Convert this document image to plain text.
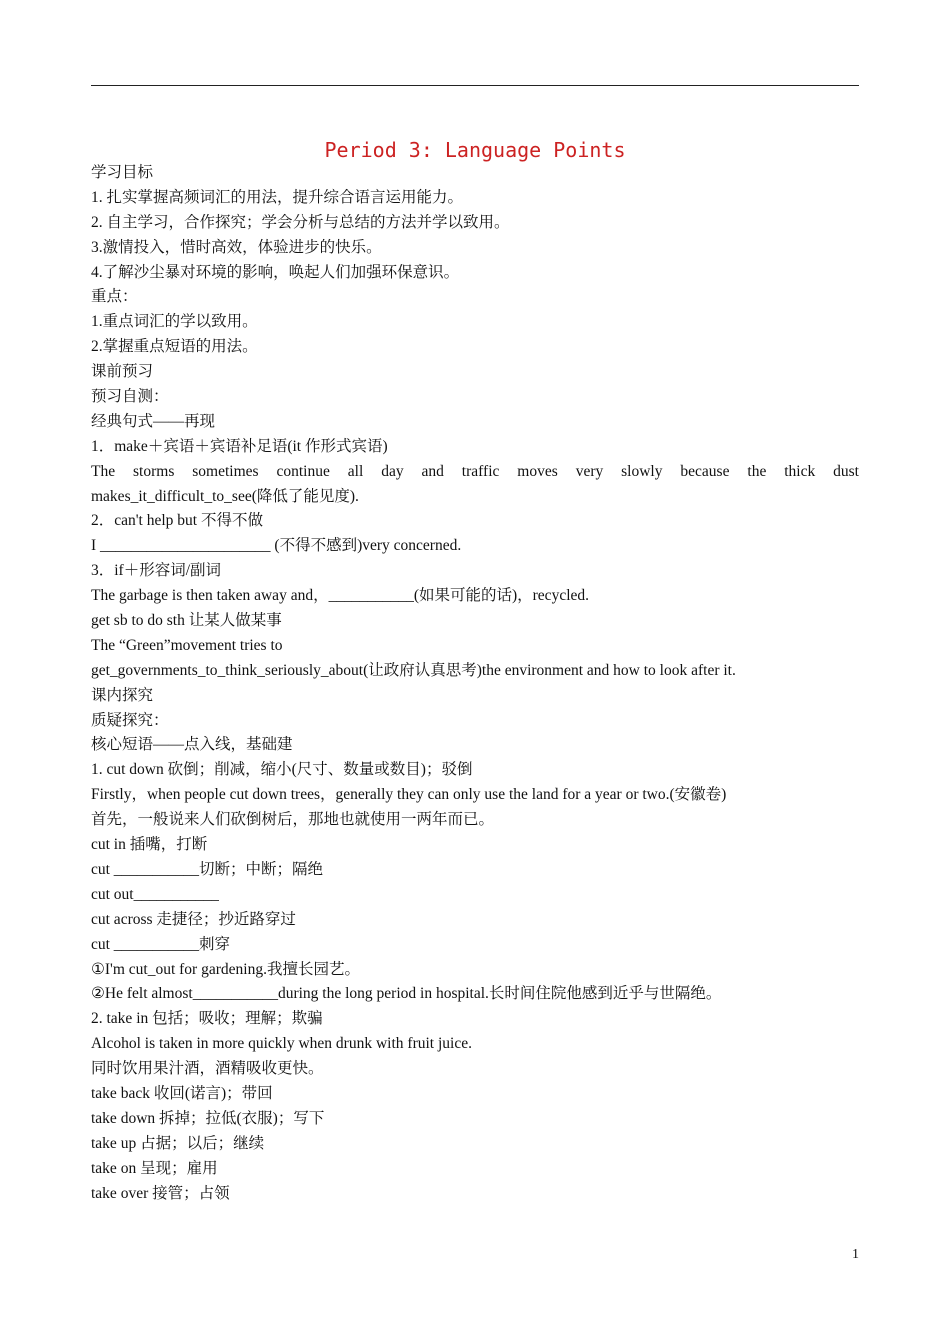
Period 3: Language Points
学习目标
1. 扎实掌握高频词汇的用法，提升综合语言运用能力。
2. 自主学习，合作探究；学会分析与总结的方法并学以致用。
3.激情投入，惜时高效，体验进步的快乐。
4.了解沙尘暴对环境的影响，唤起人们加强环保意识。
重点：
1.重点词汇的学以致用。
2.掌握重点短语的用法。
课前预习
预习自测：
经典句式——再现
1．make＋宾语＋宾语补足语(it 作形式宾语)
The storms sometimes continue all day and traffic moves very slowly because the thick dust
makes_it_difficult_to_see(降低了能见度).
2．can't help but 不得不做
I ______________________ (不得不感到)very concerned.
3．if＋形容词/副词
The garbage is then taken away and，___________(如果可能的话)，recycled.
get sb to do sth 让某人做某事
The “Green”movement tries to
get_governments_to_think_seriously_about(让政府认真思考)the environment and how to look after it.
课内探究
质疑探究：
核心短语——点入线，基础建
1. cut down 砍倒；削减，缩小(尺寸、数量或数目)；驳倒
Firstly，when people cut down trees，generally they can only use the land for a year or two.(安徽卷)
首先，一般说来人们砍倒树后，那地也就使用一两年而已。
cut in 插嘴，打断
cut ___________切断；中断；隔绝
cut out___________
cut across 走捷径；抄近路穿过
cut ___________刺穿
①I'm cut_out for gardening.我擅长园艺。
②He felt almost___________during the long period in hospital.长时间住院他感到近乎与世隔绝。
2. take in 包括；吸收；理解；欺骗
Alcohol is taken in more quickly when drunk with fruit juice.
同时饮用果汁酒，酒精吸收更快。
take back 收回(诺言)；带回
take down 拆掉；拉低(衣服)；写下
take up 占据；以后；继续
take on 呈现；雇用
take over 接管；占领
1
